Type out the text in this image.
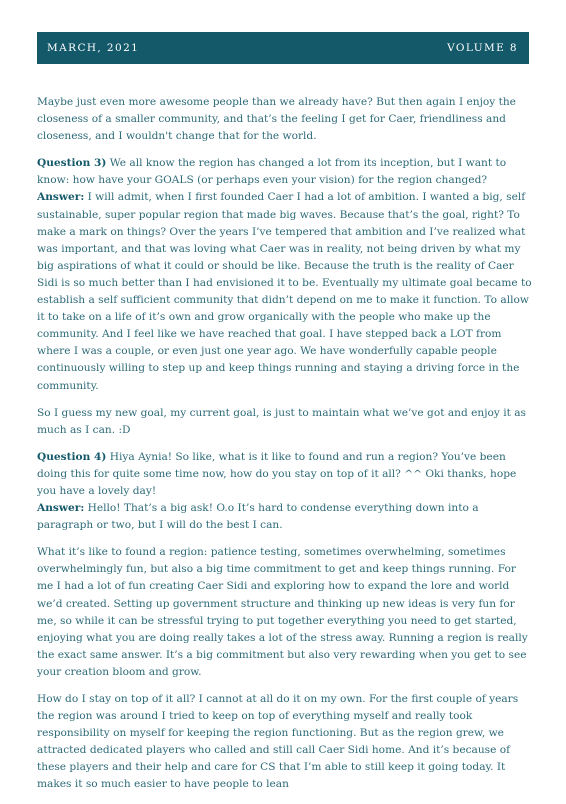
MARCH, 2021	VOLUME 8

Maybe just even more awesome people than we already have? But then again I enjoy the closeness of a smaller community, and that’s the feeling I get for Caer, friendliness and closeness, and I wouldn't change that for the world.

Question 3) We all know the region has changed a lot from its inception, but I want to know: how have your GOALS (or perhaps even your vision) for the region changed?
Answer: I will admit, when I first founded Caer I had a lot of ambition. I wanted a big, self sustainable, super popular region that made big waves. Because that’s the goal, right? To make a mark on things? Over the years I’ve tempered that ambition and I’ve realized what was important, and that was loving what Caer was in reality, not being driven by what my big aspirations of what it could or should be like. Because the truth is the reality of Caer Sidi is so much better than I had envisioned it to be. Eventually my ultimate goal became to establish a self sufficient community that didn’t depend on me to make it function. To allow it to take on a life of it’s own and grow organically with the people who make up the community. And I feel like we have reached that goal. I have stepped back a LOT from where I was a couple, or even just one year ago. We have wonderfully capable people continuously willing to step up and keep things running and staying a driving force in the community.

So I guess my new goal, my current goal, is just to maintain what we’ve got and enjoy it as much as I can. :D

Question 4) Hiya Aynia! So like, what is it like to found and run a region? You’ve been doing this for quite some time now, how do you stay on top of it all? ^^ Oki thanks, hope you have a lovely day!
Answer: Hello! That’s a big ask! O.o It’s hard to condense everything down into a paragraph or two, but I will do the best I can.

What it’s like to found a region: patience testing, sometimes overwhelming, sometimes overwhelmingly fun, but also a big time commitment to get and keep things running. For me I had a lot of fun creating Caer Sidi and exploring how to expand the lore and world we’d created. Setting up government structure and thinking up new ideas is very fun for me, so while it can be stressful trying to put together everything you need to get started, enjoying what you are doing really takes a lot of the stress away. Running a region is really the exact same answer. It’s a big commitment but also very rewarding when you get to see your creation bloom and grow.

How do I stay on top of it all? I cannot at all do it on my own. For the first couple of years the region was around I tried to keep on top of everything myself and really took responsibility on myself for keeping the region functioning. But as the region grew, we attracted dedicated players who called and still call Caer Sidi home. And it’s because of these players and their help and care for CS that I’m able to still keep it going today. It makes it so much easier to have people to lean
